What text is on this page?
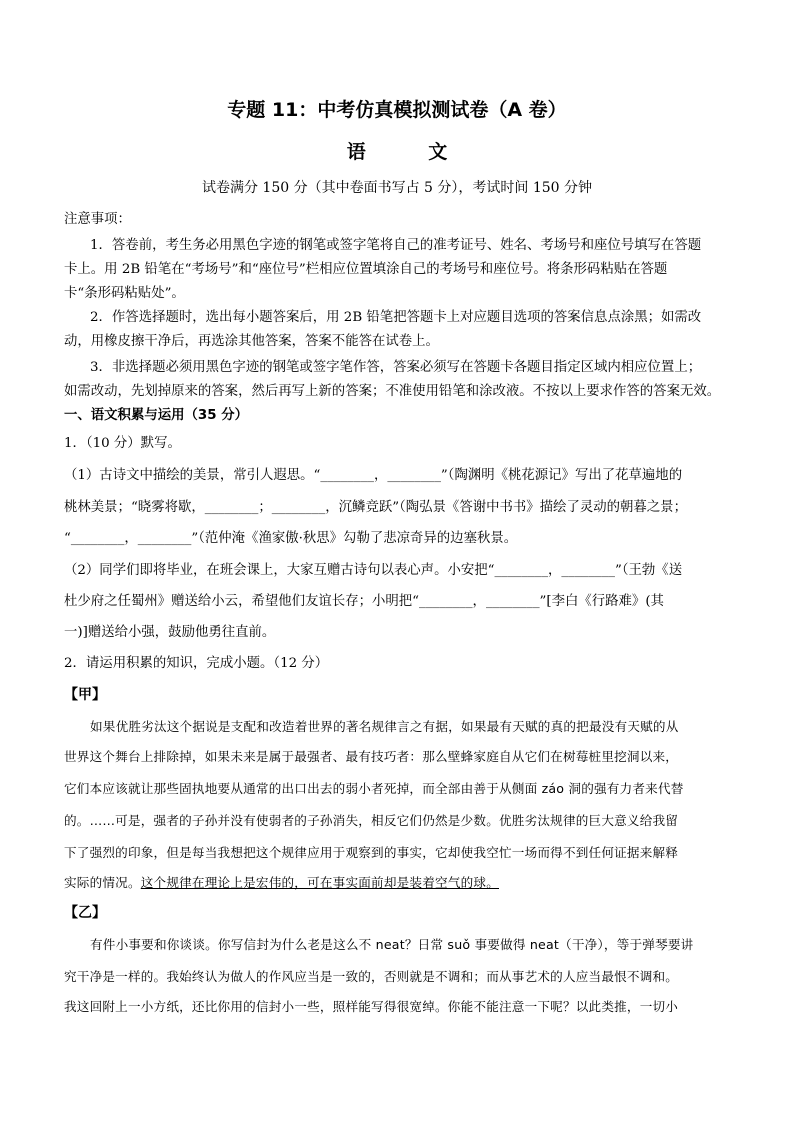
专题 11：中考仿真模拟测试卷（A 卷）
语 文
试卷满分 150 分（其中卷面书写占 5 分），考试时间 150 分钟
注意事项：
1．答卷前，考生务必用黑色字迹的钢笔或签字笔将自己的准考证号、姓名、考场号和座位号填写在答题
卡上。用 2B 铅笔在“考场号”和“座位号”栏相应位置填涂自己的考场号和座位号。将条形码粘贴在答题
卡“条形码粘贴处”。
2．作答选择题时，选出每小题答案后，用 2B 铅笔把答题卡上对应题目选项的答案信息点涂黑；如需改
动，用橡皮擦干净后，再选涂其他答案，答案不能答在试卷上。
3．非选择题必须用黑色字迹的钢笔或签字笔作答，答案必须写在答题卡各题目指定区域内相应位置上；
如需改动，先划掉原来的答案，然后再写上新的答案；不准使用铅笔和涂改液。不按以上要求作答的答案无效。
一、语文积累与运用（35 分）
1．（10 分）默写。
（1）古诗文中描绘的美景，常引人遐思。“________，________”（陶渊明《桃花源记》写出了花草遍地的
桃林美景；“晓雾将歇，________；________，沉鳞竞跃”（陶弘景《答谢中书书》描绘了灵动的朝暮之景；
“________，________”（范仲淹《渔家傲·秋思》勾勒了悲凉奇异的边塞秋景。
（2）同学们即将毕业，在班会课上，大家互赠古诗句以表心声。小安把“________，________”（王勃《送
杜少府之任蜀州》赠送给小云，希望他们友谊长存；小明把“________，________”[李白《行路难》(其
一)]赠送给小强，鼓励他勇往直前。
2．请运用积累的知识，完成小题。（12 分）
【甲】
如果优胜劣汰这个据说是支配和改造着世界的著名规律言之有据，如果最有天赋的真的把最没有天赋的从
世界这个舞台上排除掉，如果未来是属于最强者、最有技巧者：那么壁蜂家庭自从它们在树莓桩里挖洞以来，
它们本应该就让那些固执地要从通常的出口出去的弱小者死掉，而全部由善于从侧面 záo 洞的强有力者来代替
的。……可是，强者的子孙并没有使弱者的子孙消失，相反它们仍然是少数。优胜劣汰规律的巨大意义给我留
下了强烈的印象，但是每当我想把这个规律应用于观察到的事实，它却使我空忙一场而得不到任何证据来解释
实际的情况。这个规律在理论上是宏伟的，可在事实面前却是装着空气的球。
【乙】
有件小事要和你谈谈。你写信封为什么老是这么不 neat？日常 suǒ 事要做得 neat（干净），等于弹琴要讲
究干净是一样的。我始终认为做人的作风应当是一致的，否则就是不调和；而从事艺术的人应当最恨不调和。
我这回附上一小方纸，还比你用的信封小一些，照样能写得很宽绰。你能不能注意一下呢？以此类推，一切小
